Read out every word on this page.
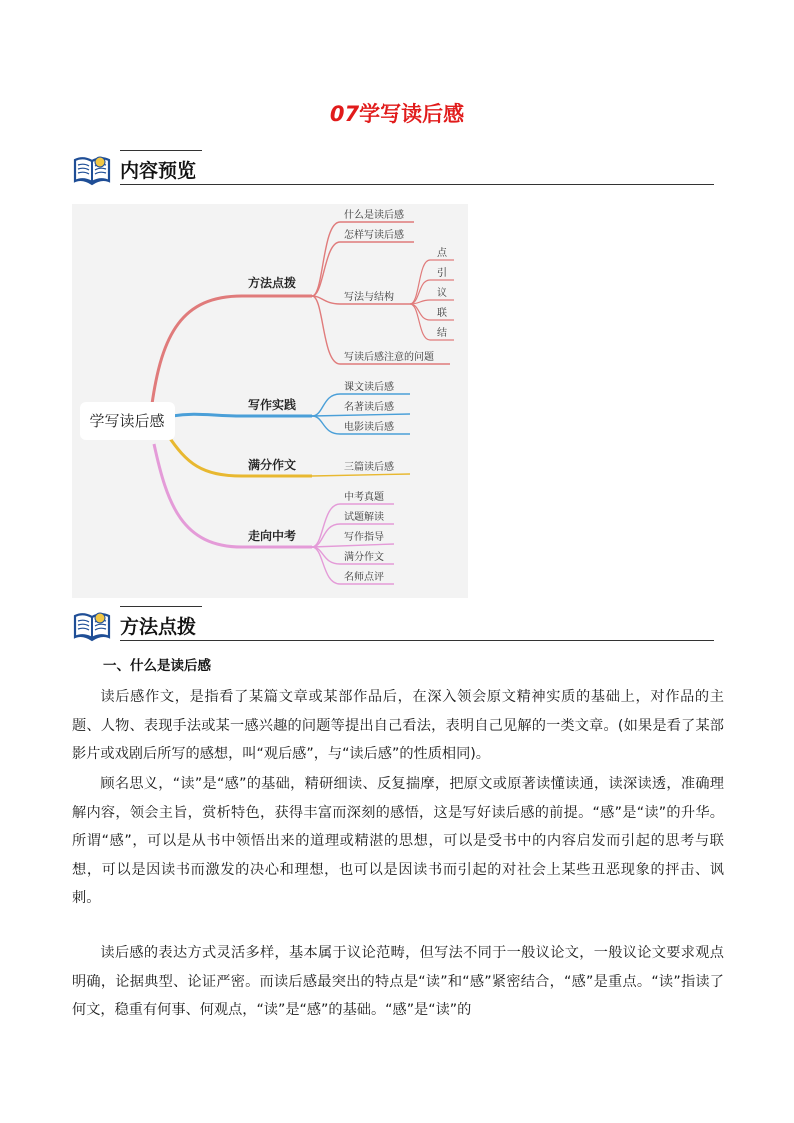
07学写读后感
内容预览
学写读后感
方法点拨
什么是读后感
怎样写读后感
写法与结构
写读后感注意的问题
点
引
议
联
结
写作实践
课文读后感
名著读后感
电影读后感
满分作文	三篇读后感
走向中考
中考真题
试题解读
写作指导
满分作文
名师点评
方法点拨
一、什么是读后感

读后感作文，是指看了某篇文章或某部作品后，在深入领会原文精神实质的基础上，对作品的主题、人物、表现手法或某一感兴趣的问题等提出自己看法，表明自己见解的一类文章。(如果是看了某部影片或戏剧后所写的感想，叫“观后感”，与“读后感”的性质相同)。

顾名思义，“读”是“感”的基础，精研细读、反复揣摩，把原文或原著读懂读通，读深读透，准确理解内容，领会主旨，赏析特色，获得丰富而深刻的感悟，这是写好读后感的前提。“感”是“读”的升华。所谓“感”，可以是从书中领悟出来的道理或精湛的思想，可以是受书中的内容启发而引起的思考与联想，可以是因读书而激发的决心和理想，也可以是因读书而引起的对社会上某些丑恶现象的抨击、讽刺。

读后感的表达方式灵活多样，基本属于议论范畴，但写法不同于一般议论文，一般议论文要求观点明确，论据典型、论证严密。而读后感最突出的特点是“读”和“感”紧密结合，“感”是重点。“读”指读了何文，稳重有何事、何观点，“读”是“感”的基础。“感”是“读”的
